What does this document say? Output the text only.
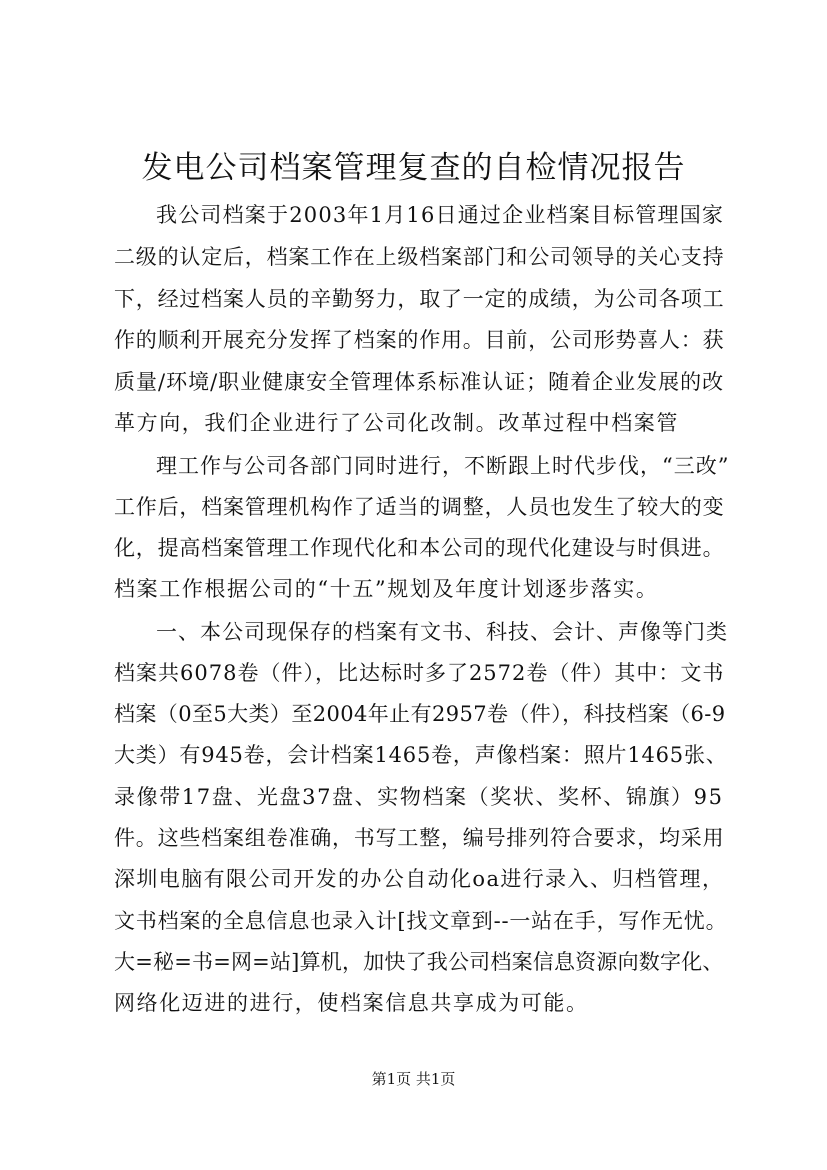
发电公司档案管理复查的自检情况报告
我公司档案于2003年1月16日通过企业档案目标管理国家
二级的认定后，档案工作在上级档案部门和公司领导的关心支持
下，经过档案人员的辛勤努力，取了一定的成绩，为公司各项工
作的顺利开展充分发挥了档案的作用。目前，公司形势喜人：获
质量/环境/职业健康安全管理体系标准认证；随着企业发展的改
革方向，我们企业进行了公司化改制。改革过程中档案管
理工作与公司各部门同时进行，不断跟上时代步伐，“三改”
工作后，档案管理机构作了适当的调整，人员也发生了较大的变
化，提高档案管理工作现代化和本公司的现代化建设与时俱进。
档案工作根据公司的“十五”规划及年度计划逐步落实。
一、本公司现保存的档案有文书、科技、会计、声像等门类
档案共6078卷（件），比达标时多了2572卷（件）其中：文书
档案（0至5大类）至2004年止有2957卷（件），科技档案（6-9
大类）有945卷，会计档案1465卷，声像档案：照片1465张、
录像带17盘、光盘37盘、实物档案（奖状、奖杯、锦旗）95
件。这些档案组卷准确，书写工整，编号排列符合要求，均采用
深圳电脑有限公司开发的办公自动化oa进行录入、归档管理，
文书档案的全息信息也录入计[找文章到--一站在手，写作无忧。
大=秘=书=网=站]算机，加快了我公司档案信息资源向数字化、
网络化迈进的进行，使档案信息共享成为可能。
第1页 共1页
